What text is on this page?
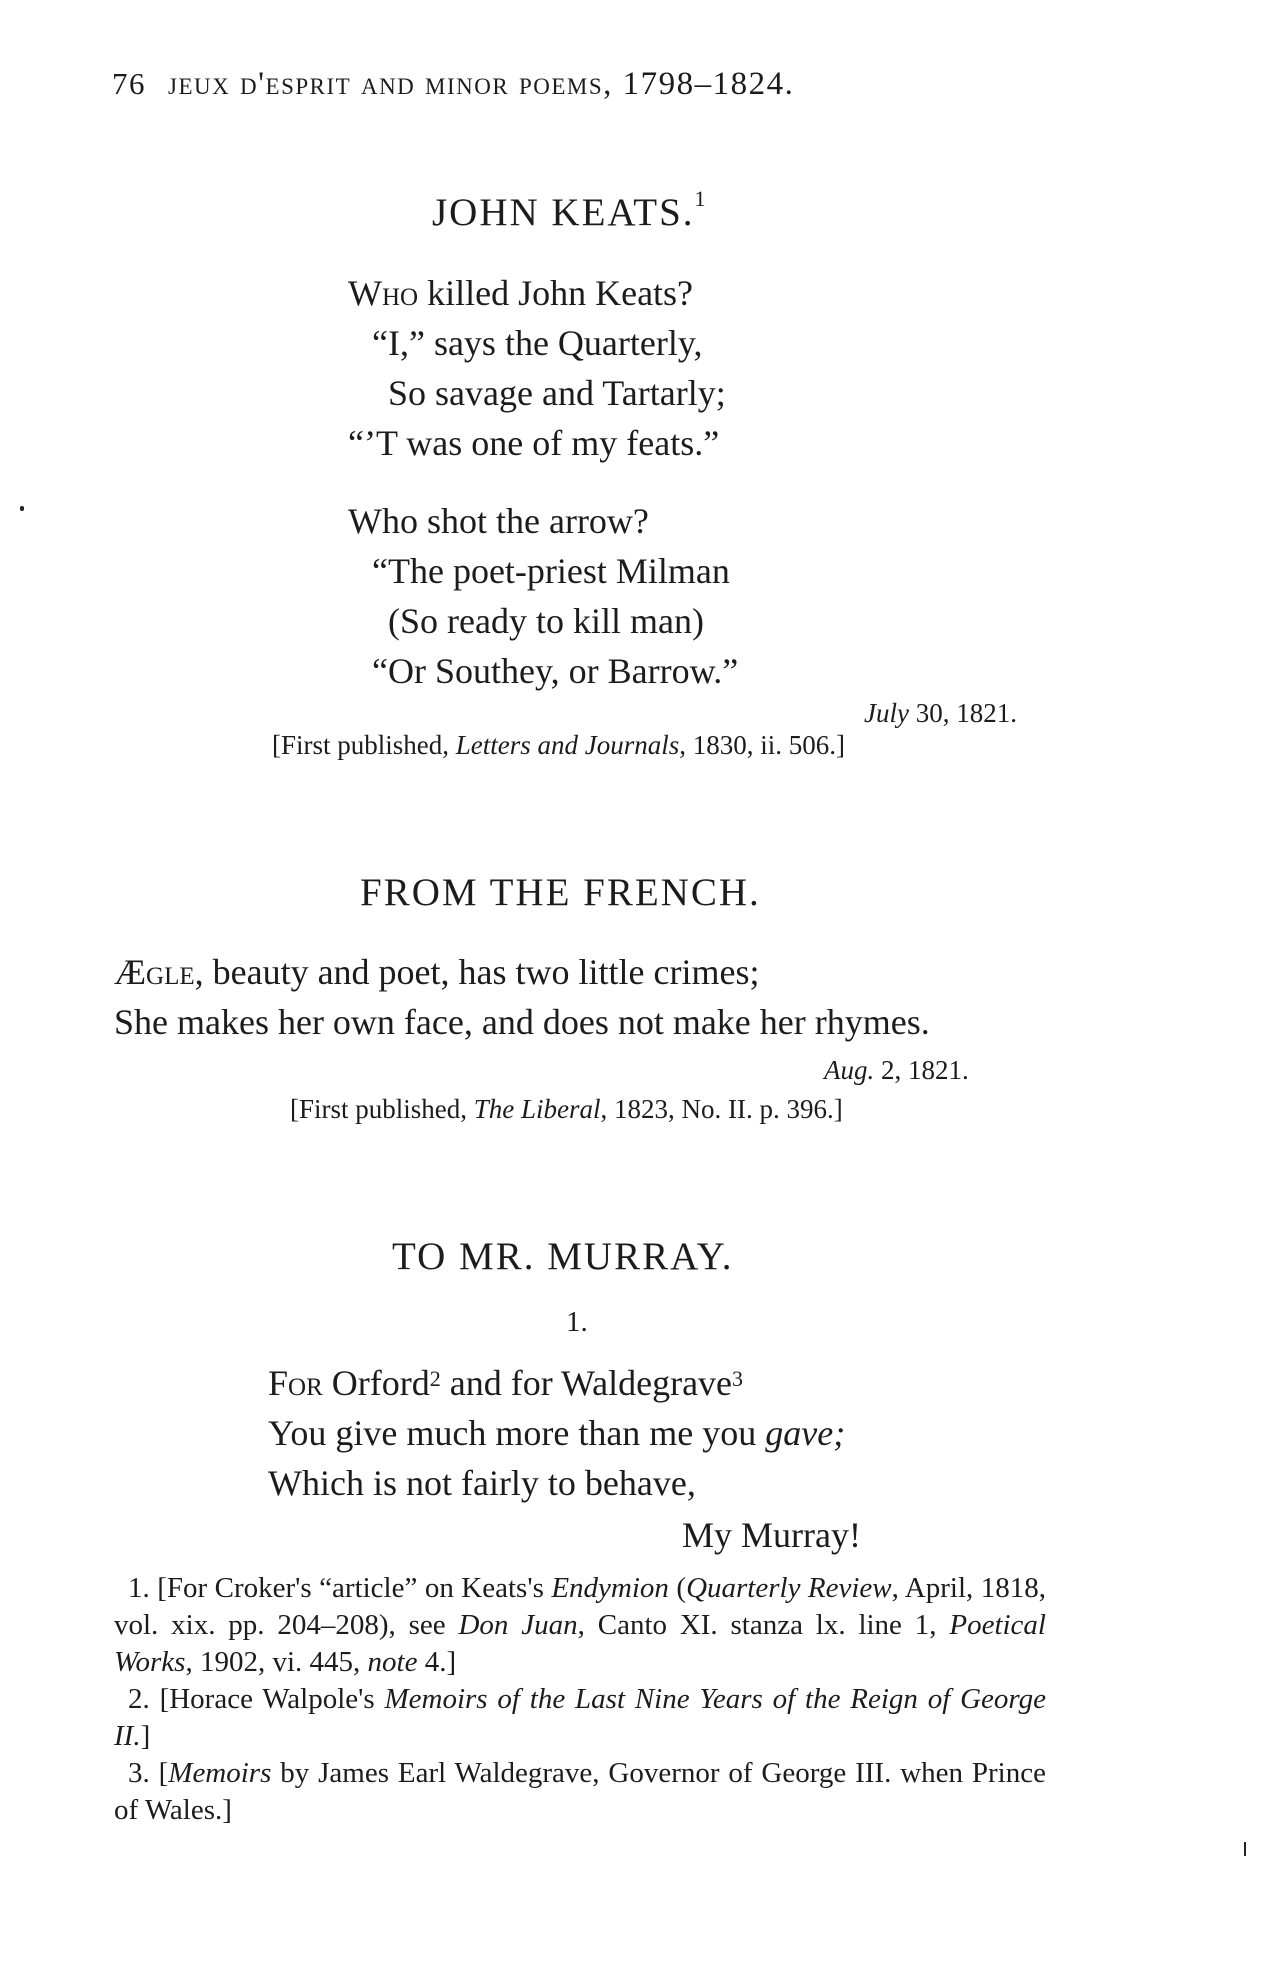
76 jeux d'esprit and minor poems, 1798–1824.
JOHN KEATS.$^1$
Who killed John Keats?
“I,” says the Quarterly,
So savage and Tartarly;
“’T was one of my feats.”
Who shot the arrow?
“The poet-priest Milman
(So ready to kill man)
“Or Southey, or Barrow.”
July 30, 1821.
[First published, Letters and Journals, 1830, ii. 506.]
FROM THE FRENCH.
Ægle, beauty and poet, has two little crimes;
She makes her own face, and does not make her rhymes.
Aug. 2, 1821.
[First published, The Liberal, 1823, No. II. p. 396.]
TO MR. MURRAY.
1.
For Orford$^2$ and for Waldegrave$^3$
You give much more than me you gave;
Which is not fairly to behave,
My Murray!

1. [For Croker's “article” on Keats's Endymion (Quarterly Review, April, 1818, vol. xix. pp. 204–208), see Don Juan, Canto XI. stanza lx. line 1, Poetical Works, 1902, vi. 445, note 4.]

2. [Horace Walpole's Memoirs of the Last Nine Years of the Reign of George II.]

3. [Memoirs by James Earl Waldegrave, Governor of George III. when Prince of Wales.]
